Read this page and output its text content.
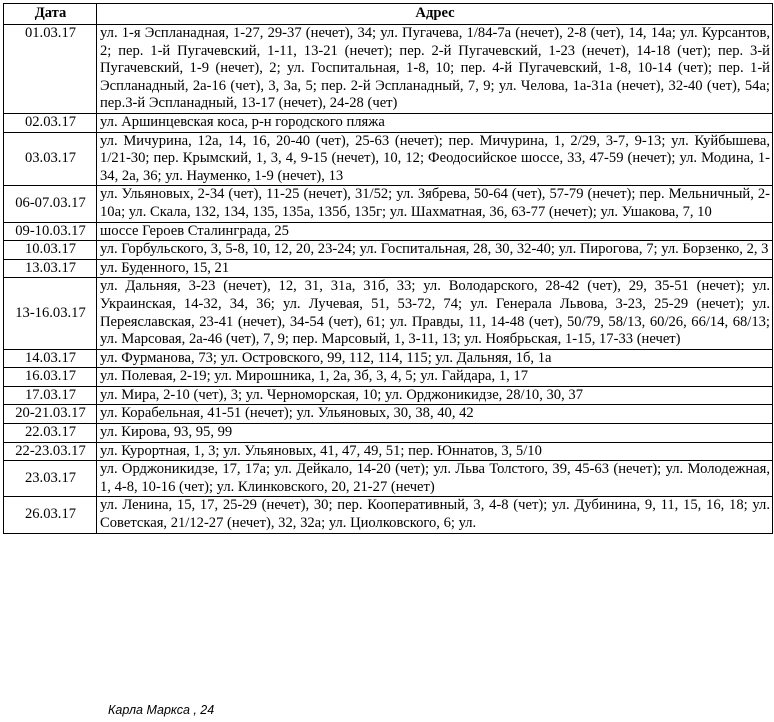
Дата	Адрес
01.03.17	ул. 1-я Эспланадная, 1-27, 29-37 (нечет), 34; ул. Пугачева, 1/84-7а (нечет), 2-8 (чет), 14, 14а; ул. Курсантов, 2; пер. 1-й Пугачевский, 1-11, 13-21 (нечет); пер. 2-й Пугачевский, 1-23 (нечет), 14-18 (чет); пер. 3-й Пугачевский, 1-9 (нечет), 2; ул. Госпитальная, 1-8, 10; пер. 4-й Пугачевский, 1-8, 10-14 (чет); пер. 1-й Эспланадный, 2а-16 (чет), 3, 3а, 5; пер. 2-й Эспланадный, 7, 9; ул. Челова, 1а-31а (нечет), 32-40 (чет), 54а; пер.3-й Эспланадный, 13-17 (нечет), 24-28 (чет)
02.03.17	ул. Аршинцевская коса, р-н городского пляжа
03.03.17	ул. Мичурина, 12а, 14, 16, 20-40 (чет), 25-63 (нечет); пер. Мичурина, 1, 2/29, 3-7, 9-13; ул. Куйбышева, 1/21-30; пер. Крымский, 1, 3, 4, 9-15 (нечет), 10, 12; Феодосийское шоссе, 33, 47-59 (нечет); ул. Модина, 1-34, 2а, 36; ул. Науменко, 1-9 (нечет), 13
06-07.03.17	ул. Ульяновых, 2-34 (чет), 11-25 (нечет), 31/52; ул. Зябрева, 50-64 (чет), 57-79 (нечет); пер. Мельничный, 2-10а; ул. Скала, 132, 134, 135, 135а, 135б, 135г; ул. Шахматная, 36, 63-77 (нечет); ул. Ушакова, 7, 10
09-10.03.17	шоссе Героев Сталинграда, 25
10.03.17	ул. Горбульского, 3, 5-8, 10, 12, 20, 23-24; ул. Госпитальная, 28, 30, 32-40; ул. Пирогова, 7; ул. Борзенко, 2, 3
13.03.17	ул. Буденного, 15, 21
13-16.03.17	ул. Дальняя, 3-23 (нечет), 12, 31, 31а, 31б, 33; ул. Володарского, 28-42 (чет), 29, 35-51 (нечет); ул. Украинская, 14-32, 34, 36; ул. Лучевая, 51, 53-72, 74; ул. Генерала Львова, 3-23, 25-29 (нечет); ул. Переяславская, 23-41 (нечет), 34-54 (чет), 61; ул. Правды, 11, 14-48 (чет), 50/79, 58/13, 60/26, 66/14, 68/13; ул. Марсовая, 2а-46 (чет), 7, 9; пер. Марсовый, 1, 3-11, 13; ул. Ноябрьская, 1-15, 17-33 (нечет)
14.03.17	ул. Фурманова, 73; ул. Островского, 99, 112, 114, 115; ул. Дальняя, 1б, 1а
16.03.17	ул. Полевая, 2-19; ул. Мирошника, 1, 2а, 3б, 3, 4, 5; ул. Гайдара, 1, 17
17.03.17	ул. Мира, 2-10 (чет), 3; ул. Черноморская, 10; ул. Орджоникидзе, 28/10, 30, 37
20-21.03.17	ул. Корабельная, 41-51 (нечет); ул. Ульяновых, 30, 38, 40, 42
22.03.17	ул. Кирова, 93, 95, 99
22-23.03.17	ул. Курортная, 1, 3; ул. Ульяновых, 41, 47, 49, 51; пер. Юннатов, 3, 5/10
23.03.17	ул. Орджоникидзе, 17, 17а; ул. Дейкало, 14-20 (чет); ул. Льва Толстого, 39, 45-63 (нечет); ул. Молодежная, 1, 4-8, 10-16 (чет); ул. Клинковского, 20, 21-27 (нечет)
26.03.17	ул. Ленина, 15, 17, 25-29 (нечет), 30; пер. Кооперативный, 3, 4-8 (чет); ул. Дубинина, 9, 11, 15, 16, 18; ул. Советская, 21/12-27 (нечет), 32, 32а; ул. Циолковского, 6; ул.
Карла Маркса , 24
